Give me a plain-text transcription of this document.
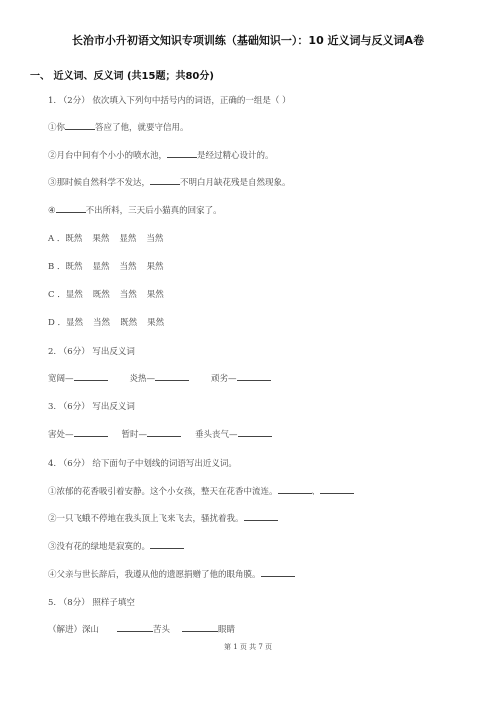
长治市小升初语文知识专项训练（基础知识一）：10 近义词与反义词A卷
一、 近义词、反义词 (共15题；共80分)
1. （2分） 依次填入下列句中括号内的词语，正确的一组是（ ）
①你	答应了他，就要守信用。
②月台中间有个小小的喷水池，	是经过精心设计的。
③那时候自然科学不发达，	不明白月缺花残是自然现象。
④	不出所料，三天后小猫真的回家了。
A ．既然 果然 显然 当然
B ．既然 显然 当然 果然
C ．显然 既然 当然 果然
D ．显然 当然 既然 果然
2. （6分） 写出反义词
宽阔—	炎热—	顽劣—
3. （6分） 写出反义词
害处—	暂时—	垂头丧气—
4. （6分） 给下面句子中划线的词语写出近义词。
①浓郁的花香吸引着安静。这个小女孩，整天在花香中流连。	、
②一只飞蛾不停地在我头顶上飞来飞去，骚扰着我。
③没有花的绿地是寂寞的。
④父亲与世长辞后，我遵从他的遗愿捐赠了他的眼角膜。
5. （8分） 照样子填空
（解进）深山	苦头	眼睛
第 1 页 共 7 页
